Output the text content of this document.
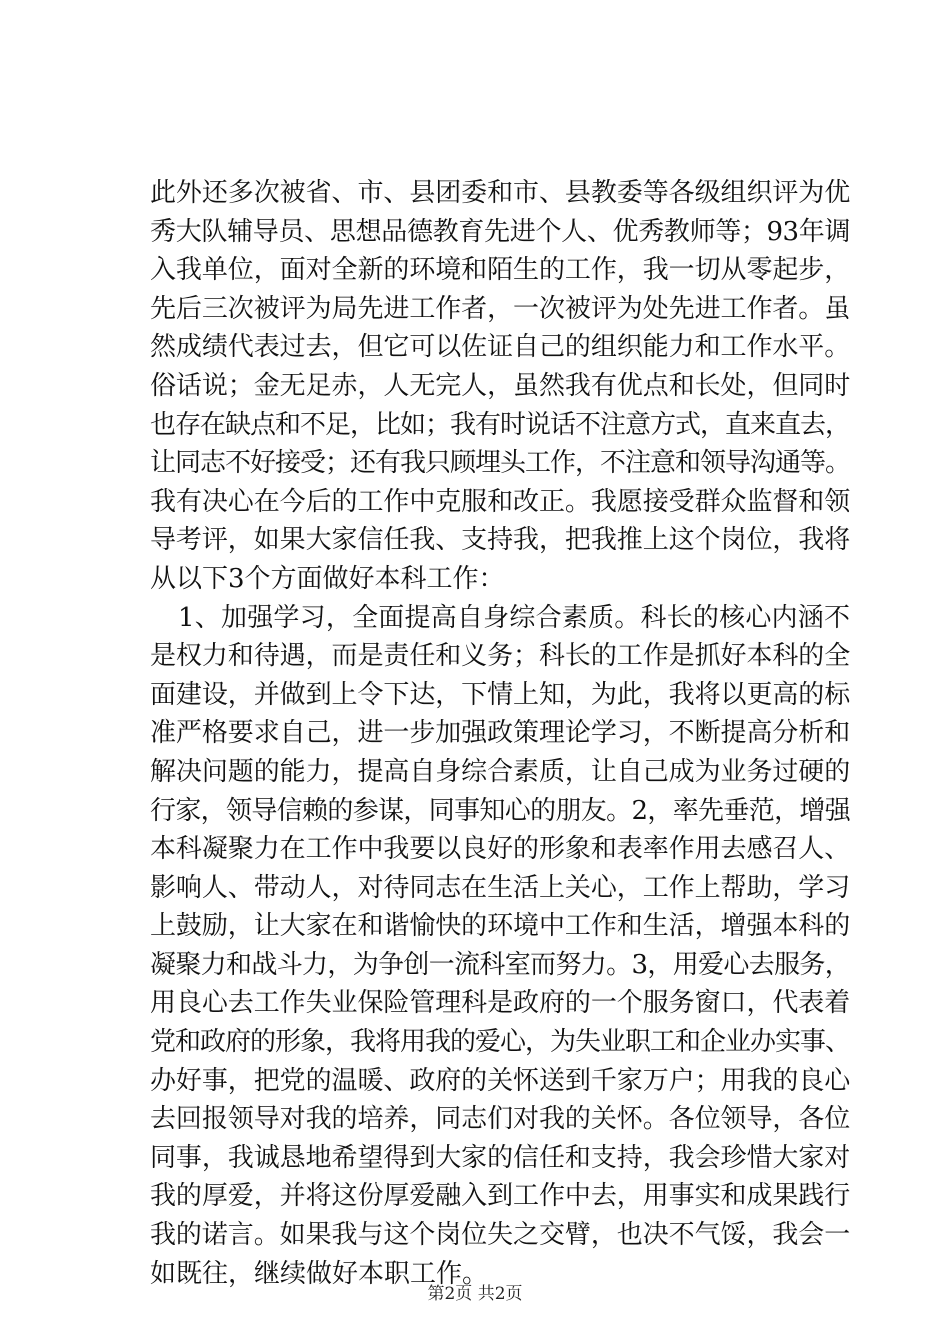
此外还多次被省、市、县团委和市、县教委等各级组织评为优
秀大队辅导员、思想品德教育先进个人、优秀教师等；93年调
入我单位，面对全新的环境和陌生的工作，我一切从零起步，
先后三次被评为局先进工作者，一次被评为处先进工作者。虽
然成绩代表过去，但它可以佐证自己的组织能力和工作水平。
俗话说；金无足赤，人无完人，虽然我有优点和长处，但同时
也存在缺点和不足，比如；我有时说话不注意方式，直来直去，
让同志不好接受；还有我只顾埋头工作，不注意和领导沟通等。
我有决心在今后的工作中克服和改正。我愿接受群众监督和领
导考评，如果大家信任我、支持我，把我推上这个岗位，我将
从以下3个方面做好本科工作：
1、加强学习，全面提高自身综合素质。科长的核心内涵不
是权力和待遇，而是责任和义务；科长的工作是抓好本科的全
面建设，并做到上令下达，下情上知，为此，我将以更高的标
准严格要求自己，进一步加强政策理论学习，不断提高分析和
解决问题的能力，提高自身综合素质，让自己成为业务过硬的
行家，领导信赖的参谋，同事知心的朋友。2，率先垂范，增强
本科凝聚力在工作中我要以良好的形象和表率作用去感召人、
影响人、带动人，对待同志在生活上关心，工作上帮助，学习
上鼓励，让大家在和谐愉快的环境中工作和生活，增强本科的
凝聚力和战斗力，为争创一流科室而努力。3，用爱心去服务，
用良心去工作失业保险管理科是政府的一个服务窗口，代表着
党和政府的形象，我将用我的爱心，为失业职工和企业办实事、
办好事，把党的温暖、政府的关怀送到千家万户；用我的良心
去回报领导对我的培养，同志们对我的关怀。各位领导，各位
同事，我诚恳地希望得到大家的信任和支持，我会珍惜大家对
我的厚爱，并将这份厚爱融入到工作中去，用事实和成果践行
我的诺言。如果我与这个岗位失之交臂，也决不气馁，我会一
如既往，继续做好本职工作。
第2页 共2页
